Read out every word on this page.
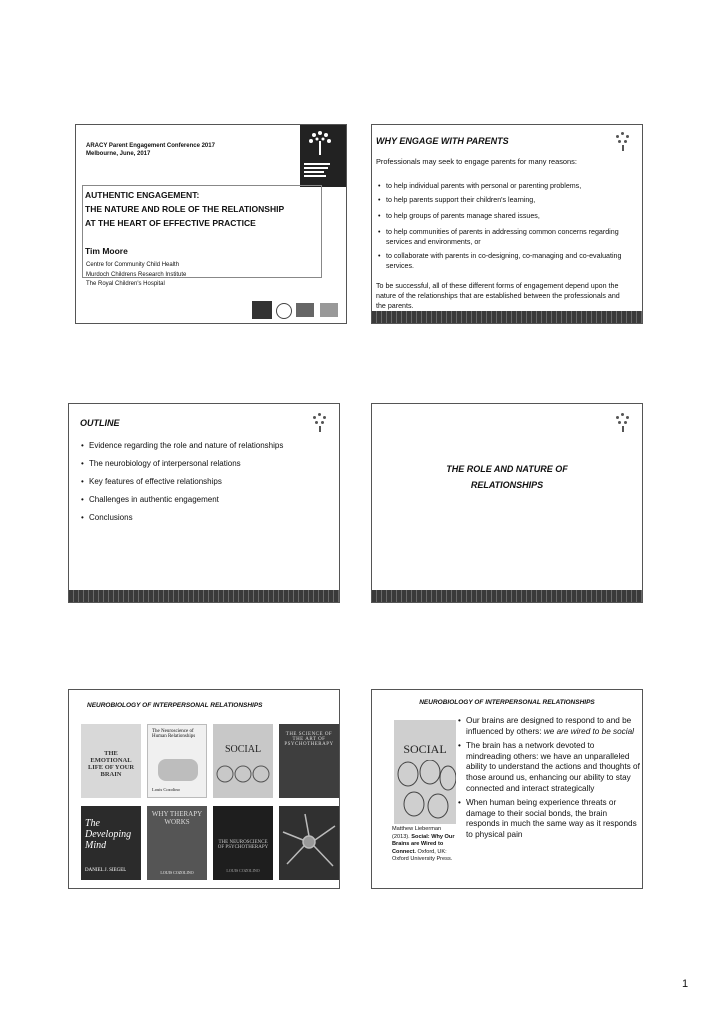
ARACY Parent Engagement Conference 2017
Melbourne, June, 2017
AUTHENTIC ENGAGEMENT:
THE NATURE AND ROLE OF THE RELATIONSHIP
AT THE HEART OF EFFECTIVE PRACTICE
Tim Moore
Centre for Community Child Health
Murdoch Childrens Research Institute
The Royal Children's Hospital
WHY ENGAGE WITH PARENTS
Professionals may seek to engage parents for many reasons:
• to help individual parents with personal or parenting problems,
• to help parents support their children's learning,
• to help groups of parents manage shared issues,
• to help communities of parents in addressing common concerns regarding services and environments, or
• to collaborate with parents in co-designing, co-managing and co-evaluating services.
To be successful, all of these different forms of engagement depend upon the nature of the relationships that are established between the professionals and the parents.
OUTLINE
• Evidence regarding the role and nature of relationships
• The neurobiology of interpersonal relations
• Key features of effective relationships
• Challenges in authentic engagement
• Conclusions
THE ROLE AND NATURE OF
RELATIONSHIPS
NEUROBIOLOGY OF INTERPERSONAL RELATIONSHIPS
THE EMOTIONAL LIFE OF YOUR BRAIN
The Neuroscience of Human Relationships
Louis Cozolino
SOCIAL
THE SCIENCE OF THE ART OF PSYCHOTHERAPY
The Developing Mind
DANIEL J. SIEGEL
WHY THERAPY WORKS
LOUIS COZOLINO
THE NEUROSCIENCE OF PSYCHOTHERAPY
LOUIS COZOLINO
NEUROBIOLOGY OF INTERPERSONAL RELATIONSHIPS
SOCIAL
Matthew Lieberman (2013). Social: Why Our Brains are Wired to Connect. Oxford, UK: Oxford University Press.
• Our brains are designed to respond to and be influenced by others: we are wired to be social
• The brain has a network devoted to mindreading others: we have an unparalleled ability to understand the actions and thoughts of those around us, enhancing our ability to stay connected and interact strategically
• When human being experience threats or damage to their social bonds, the brain responds in much the same way as it responds to physical pain
1
